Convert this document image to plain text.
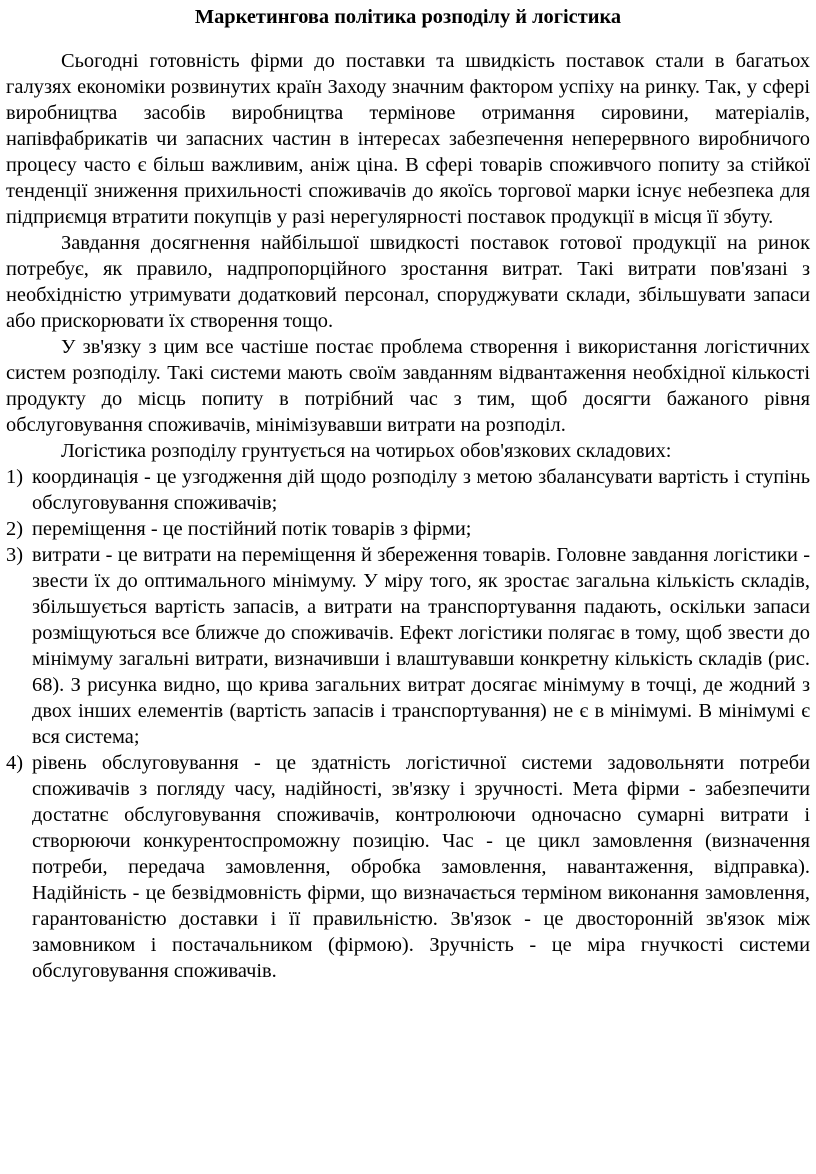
Маркетингова політика розподілу й логістика

Сьогодні готовність фірми до поставки та швидкість поставок стали в багатьох галузях економіки розвинутих країн Заходу значним фактором успіху на ринку. Так, у сфері виробництва засобів виробництва термінове отримання сировини, матеріалів, напівфабрикатів чи запасних частин в інтересах забезпечення неперервного виробничого процесу часто є більш важливим, аніж ціна. В сфері товарів споживчого попиту за стійкої тенденції зниження прихильності споживачів до якоїсь торгової марки існує небезпека для підприємця втратити покупців у разі нерегулярності поставок продукції в місця її збуту.

Завдання досягнення найбільшої швидкості поставок готової продукції на ринок потребує, як правило, надпропорційного зростання витрат. Такі витрати пов'язані з необхідністю утримувати додатковий персонал, споруджувати склади, збільшувати запаси або прискорювати їх створення тощо.

У зв'язку з цим все частіше постає проблема створення і використання логістичних систем розподілу. Такі системи мають своїм завданням відвантаження необхідної кількості продукту до місць попиту в потрібний час з тим, щоб досягти бажаного рівня обслуговування споживачів, мінімізувавши витрати на розподіл.

Логістика розподілу грунтується на чотирьох обов'язкових складових:

1) координація - це узгодження дій щодо розподілу з метою збалансувати вартість і ступінь обслуговування споживачів;
2) переміщення - це постійний потік товарів з фірми;
3) витрати - це витрати на переміщення й збереження товарів. Головне завдання логістики - звести їх до оптимального мінімуму. У міру того, як зростає загальна кількість складів, збільшується вартість запасів, а витрати на транспортування падають, оскільки запаси розміщуються все ближче до споживачів. Ефект логістики полягає в тому, щоб звести до мінімуму загальні витрати, визначивши і влаштувавши конкретну кількість складів (рис. 68). З рисунка видно, що крива загальних витрат досягає мінімуму в точці, де жодний з двох інших елементів (вартість запасів і транспортування) не є в мінімумі. В мінімумі є вся система;
4) рівень обслуговування - це здатність логістичної системи задовольняти потреби споживачів з погляду часу, надійності, зв'язку і зручності. Мета фірми - забезпечити достатнє обслуговування споживачів, контролюючи одночасно сумарні витрати і створюючи конкурентоспроможну позицію. Час - це цикл замовлення (визначення потреби, передача замовлення, обробка замовлення, навантаження, відправка). Надійність - це безвідмовність фірми, що визначається терміном виконання замовлення, гарантованістю доставки і її правильністю. Зв'язок - це двосторонній зв'язок між замовником і постачальником (фірмою). Зручність - це міра гнучкості системи обслуговування споживачів.
